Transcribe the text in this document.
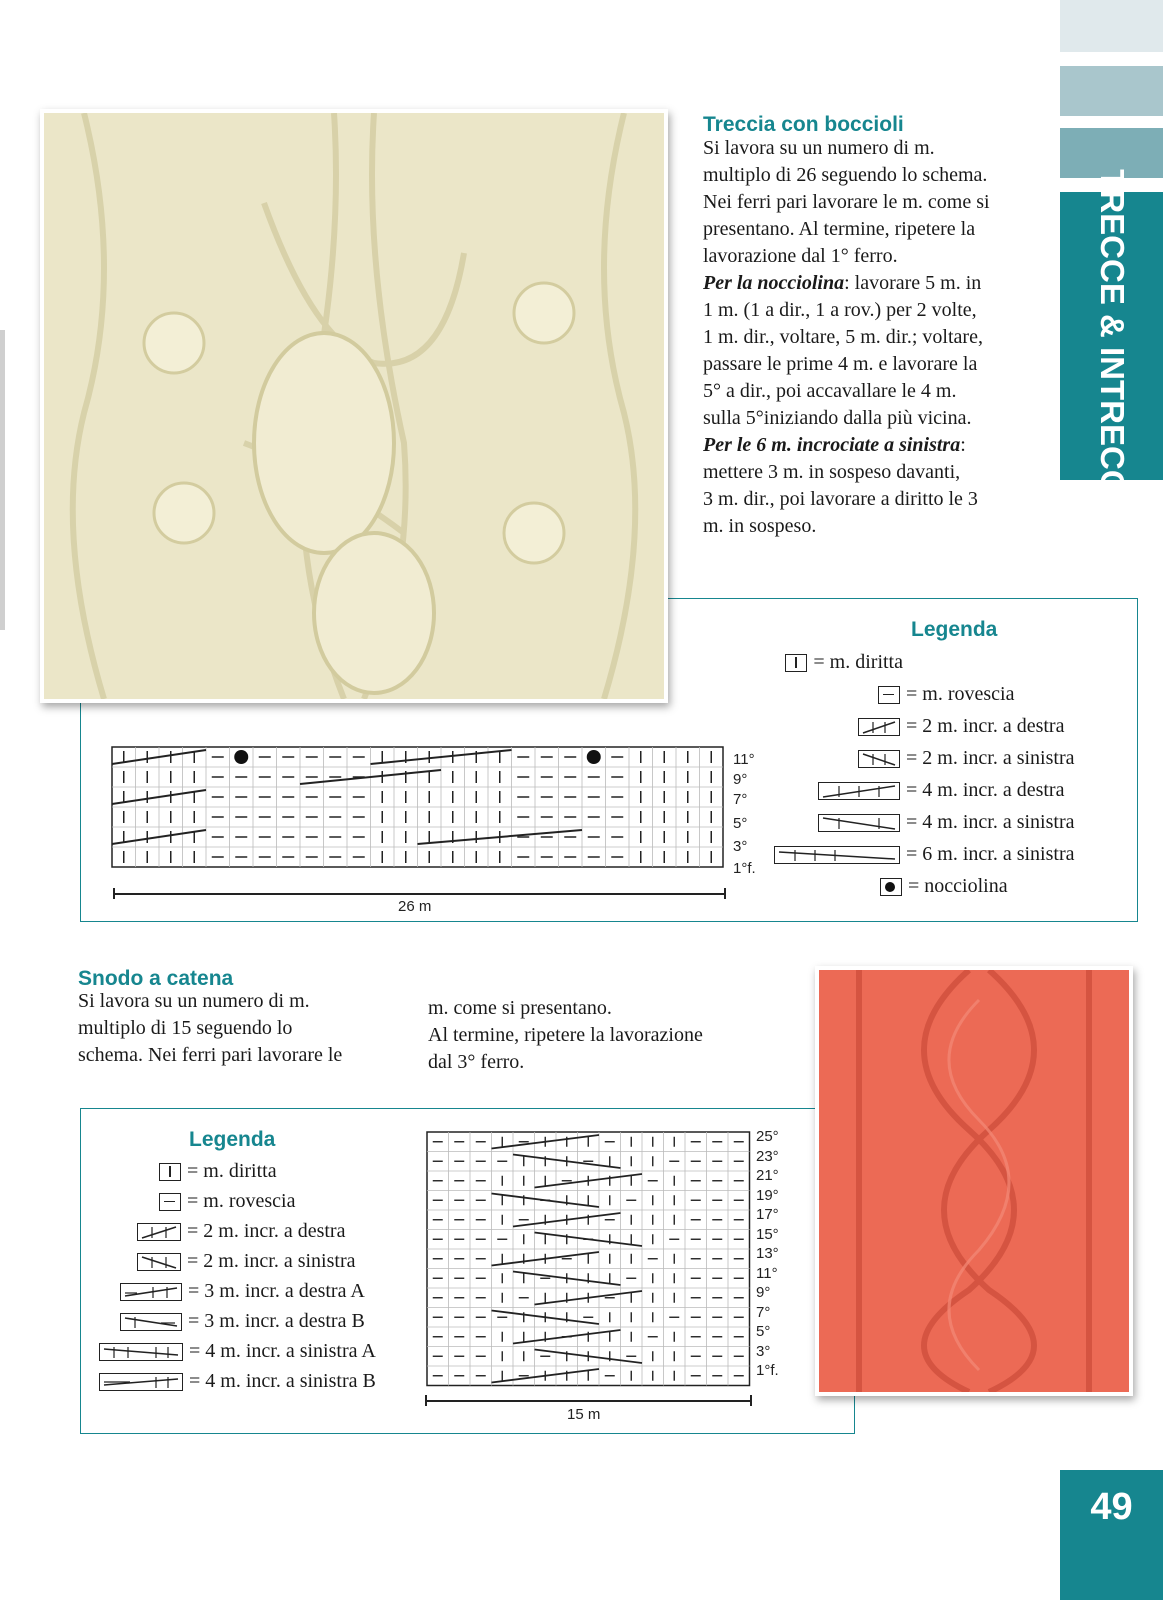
TRECCE & INTRECCI
49
Treccia con boccioli
Si lavora su un numero di m.
multiplo di 26 seguendo lo schema.
Nei ferri pari lavorare le m. come si
presentano. Al termine, ripetere la
lavorazione dal 1° ferro.
Per la nocciolina: lavorare 5 m. in
1 m. (1 a dir., 1 a rov.) per 2 volte,
1 m. dir., voltare, 5 m. dir.; voltare,
passare le prime 4 m. e lavorare la
5° a dir., poi accavallare le 4 m.
sulla 5°iniziando dalla più vicina.
Per le 6 m. incrociate a sinistra:
mettere 3 m. in sospeso davanti,
3 m. dir., poi lavorare a diritto le 3
m. in sospeso.
Legenda
= m. diritta
= m. rovescia
= 2 m. incr. a destra
= 2 m. incr. a sinistra
= 4 m. incr. a destra
= 4 m. incr. a sinistra
= 6 m. incr. a sinistra
= nocciolina
11°
9°
7°
5°
3°
1°f.
26 m
Snodo a catena
Si lavora su un numero di m.
multiplo di 15 seguendo lo
schema. Nei ferri pari lavorare le
m. come si presentano.
Al termine, ripetere la lavorazione
dal 3° ferro.
Legenda
= m. diritta
= m. rovescia
= 2 m. incr. a destra
= 2 m. incr. a sinistra
= 3 m. incr. a destra A
= 3 m. incr. a destra B
= 4 m. incr. a sinistra A
= 4 m. incr. a sinistra B
25°
23°
21°
19°
17°
15°
13°
11°
9°
7°
5°
3°
1°f.
15 m
